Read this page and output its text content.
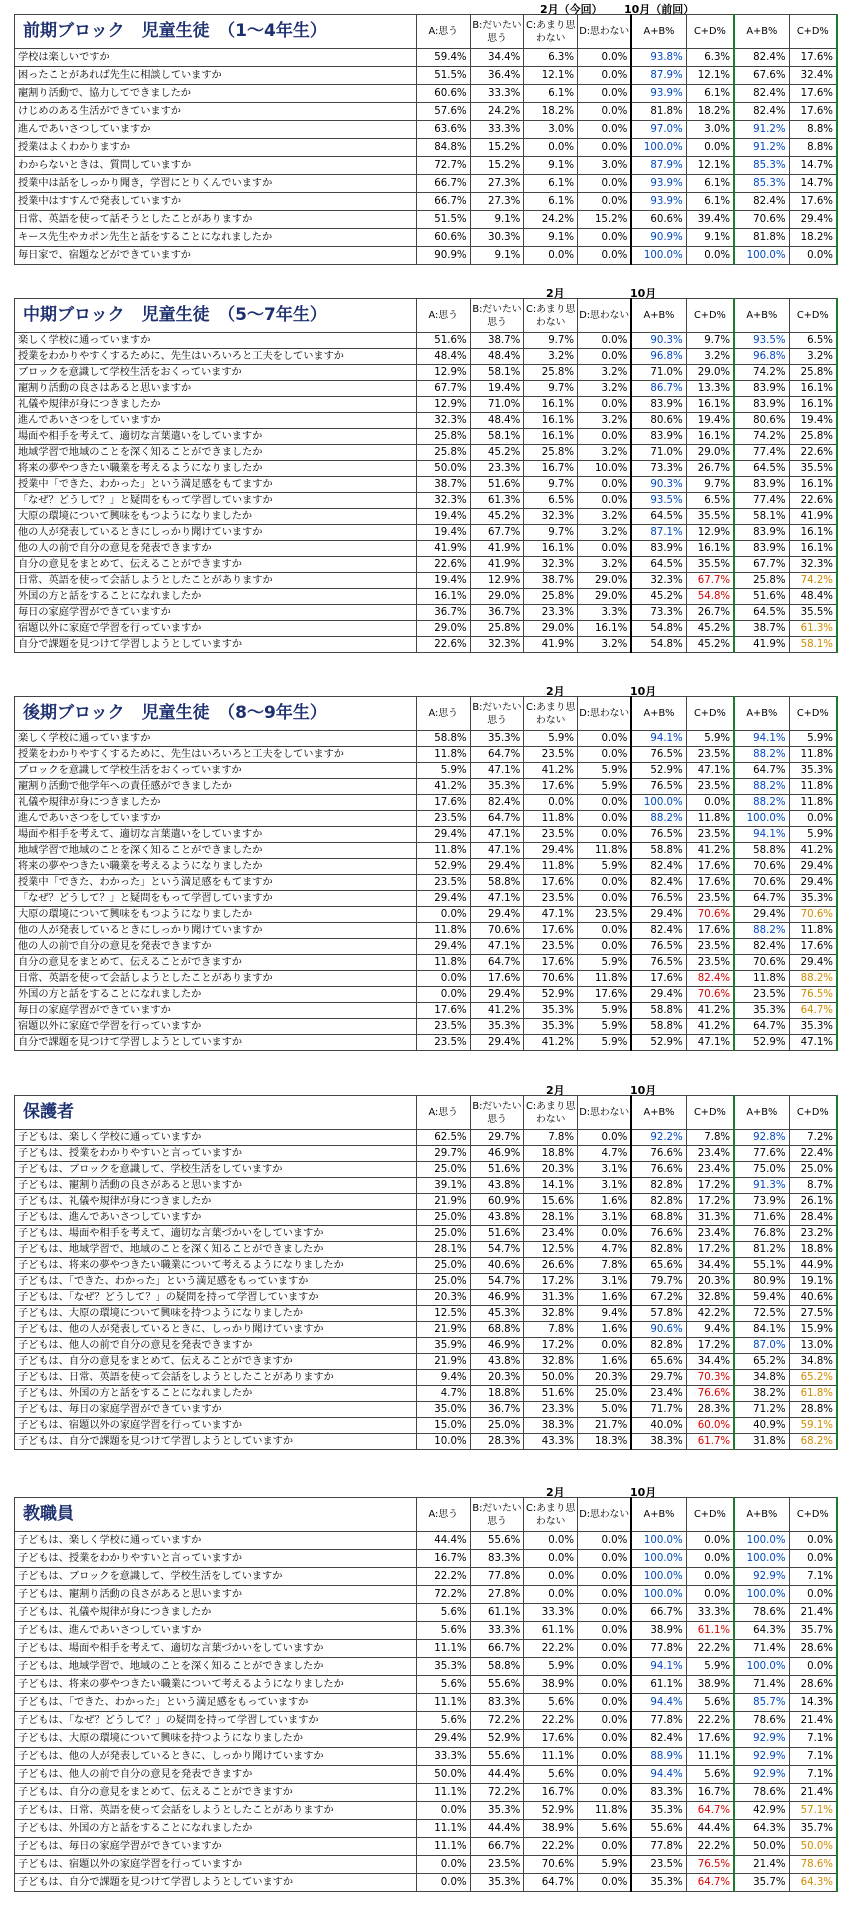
2月（今回） 10月（前回）
前期ブロック　児童生徒　（1～4年生）	A:思う	B:だいたい思う	C:あまり思わない	D:思わない	A+B%	C+D%	A+B%	C+D%
学校は楽しいですか	59.4%	34.4%	6.3%	0.0%	93.8%	6.3%	82.4%	17.6%
困ったことがあれば先生に相談していますか	51.5%	36.4%	12.1%	0.0%	87.9%	12.1%	67.6%	32.4%
寵割り活動で、協力してできましたか	60.6%	33.3%	6.1%	0.0%	93.9%	6.1%	82.4%	17.6%
けじめのある生活ができていますか	57.6%	24.2%	18.2%	0.0%	81.8%	18.2%	82.4%	17.6%
進んであいさつしていますか	63.6%	33.3%	3.0%	0.0%	97.0%	3.0%	91.2%	8.8%
授業はよくわかりますか	84.8%	15.2%	0.0%	0.0%	100.0%	0.0%	91.2%	8.8%
わからないときは、質問していますか	72.7%	15.2%	9.1%	3.0%	87.9%	12.1%	85.3%	14.7%
授業中は話をしっかり聞き，学習にとりくんでいますか	66.7%	27.3%	6.1%	0.0%	93.9%	6.1%	85.3%	14.7%
授業中はすすんで発表していますか	66.7%	27.3%	6.1%	0.0%	93.9%	6.1%	82.4%	17.6%
日常、英語を使って話そうとしたことがありますか	51.5%	9.1%	24.2%	15.2%	60.6%	39.4%	70.6%	29.4%
キース先生やカポン先生と話をすることになれましたか	60.6%	30.3%	9.1%	0.0%	90.9%	9.1%	81.8%	18.2%
毎日家で、宿題などができていますか	90.9%	9.1%	0.0%	0.0%	100.0%	0.0%	100.0%	0.0%
2月	10月
中期ブロック　児童生徒　（5～7年生）	A:思う	B:だいたい思う	C:あまり思わない	D:思わない	A+B%	C+D%	A+B%	C+D%
楽しく学校に通っていますか	51.6%	38.7%	9.7%	0.0%	90.3%	9.7%	93.5%	6.5%
授業をわかりやすくするために、先生はいろいろと工夫をしていますか	48.4%	48.4%	3.2%	0.0%	96.8%	3.2%	96.8%	3.2%
ブロックを意識して学校生活をおくっていますか	12.9%	58.1%	25.8%	3.2%	71.0%	29.0%	74.2%	25.8%
寵割り活動の良さはあると思いますか	67.7%	19.4%	9.7%	3.2%	86.7%	13.3%	83.9%	16.1%
礼儀や規律が身につきましたか	12.9%	71.0%	16.1%	0.0%	83.9%	16.1%	83.9%	16.1%
進んであいさつをしていますか	32.3%	48.4%	16.1%	3.2%	80.6%	19.4%	80.6%	19.4%
場面や相手を考えて、適切な言葉遣いをしていますか	25.8%	58.1%	16.1%	0.0%	83.9%	16.1%	74.2%	25.8%
地域学習で地域のことを深く知ることができましたか	25.8%	45.2%	25.8%	3.2%	71.0%	29.0%	77.4%	22.6%
将来の夢やつきたい職業を考えるようになりましたか	50.0%	23.3%	16.7%	10.0%	73.3%	26.7%	64.5%	35.5%
授業中「できた、わかった」という満足感をもてますか	38.7%	51.6%	9.7%	0.0%	90.3%	9.7%	83.9%	16.1%
「なぜ？どうして？」と疑問をもって学習していますか	32.3%	61.3%	6.5%	0.0%	93.5%	6.5%	77.4%	22.6%
大原の環境について興味をもつようになりましたか	19.4%	45.2%	32.3%	3.2%	64.5%	35.5%	58.1%	41.9%
他の人が発表しているときにしっかり聞けていますか	19.4%	67.7%	9.7%	3.2%	87.1%	12.9%	83.9%	16.1%
他の人の前で自分の意見を発表できますか	41.9%	41.9%	16.1%	0.0%	83.9%	16.1%	83.9%	16.1%
自分の意見をまとめて、伝えることができますか	22.6%	41.9%	32.3%	3.2%	64.5%	35.5%	67.7%	32.3%
日常、英語を使って会話しようとしたことがありますか	19.4%	12.9%	38.7%	29.0%	32.3%	67.7%	25.8%	74.2%
外国の方と話をすることになれましたか	16.1%	29.0%	25.8%	29.0%	45.2%	54.8%	51.6%	48.4%
毎日の家庭学習ができていますか	36.7%	36.7%	23.3%	3.3%	73.3%	26.7%	64.5%	35.5%
宿題以外に家庭で学習を行っていますか	29.0%	25.8%	29.0%	16.1%	54.8%	45.2%	38.7%	61.3%
自分で課題を見つけて学習しようとしていますか	22.6%	32.3%	41.9%	3.2%	54.8%	45.2%	41.9%	58.1%
2月	10月
後期ブロック　児童生徒　（8～9年生）	A:思う	B:だいたい思う	C:あまり思わない	D:思わない	A+B%	C+D%	A+B%	C+D%
楽しく学校に通っていますか	58.8%	35.3%	5.9%	0.0%	94.1%	5.9%	94.1%	5.9%
授業をわかりやすくするために、先生はいろいろと工夫をしていますか	11.8%	64.7%	23.5%	0.0%	76.5%	23.5%	88.2%	11.8%
ブロックを意識して学校生活をおくっていますか	5.9%	47.1%	41.2%	5.9%	52.9%	47.1%	64.7%	35.3%
寵割り活動で他学年への責任感ができましたか	41.2%	35.3%	17.6%	5.9%	76.5%	23.5%	88.2%	11.8%
礼儀や規律が身につきましたか	17.6%	82.4%	0.0%	0.0%	100.0%	0.0%	88.2%	11.8%
進んであいさつをしていますか	23.5%	64.7%	11.8%	0.0%	88.2%	11.8%	100.0%	0.0%
場面や相手を考えて、適切な言葉遣いをしていますか	29.4%	47.1%	23.5%	0.0%	76.5%	23.5%	94.1%	5.9%
地域学習で地域のことを深く知ることができましたか	11.8%	47.1%	29.4%	11.8%	58.8%	41.2%	58.8%	41.2%
将来の夢やつきたい職業を考えるようになりましたか	52.9%	29.4%	11.8%	5.9%	82.4%	17.6%	70.6%	29.4%
授業中「できた、わかった」という満足感をもてますか	23.5%	58.8%	17.6%	0.0%	82.4%	17.6%	70.6%	29.4%
「なぜ？どうして？」と疑問をもって学習していますか	29.4%	47.1%	23.5%	0.0%	76.5%	23.5%	64.7%	35.3%
大原の環境について興味をもつようになりましたか	0.0%	29.4%	47.1%	23.5%	29.4%	70.6%	29.4%	70.6%
他の人が発表しているときにしっかり聞けていますか	11.8%	70.6%	17.6%	0.0%	82.4%	17.6%	88.2%	11.8%
他の人の前で自分の意見を発表できますか	29.4%	47.1%	23.5%	0.0%	76.5%	23.5%	82.4%	17.6%
自分の意見をまとめて、伝えることができますか	11.8%	64.7%	17.6%	5.9%	76.5%	23.5%	70.6%	29.4%
日常、英語を使って会話しようとしたことがありますか	0.0%	17.6%	70.6%	11.8%	17.6%	82.4%	11.8%	88.2%
外国の方と話をすることになれましたか	0.0%	29.4%	52.9%	17.6%	29.4%	70.6%	23.5%	76.5%
毎日の家庭学習ができていますか	17.6%	41.2%	35.3%	5.9%	58.8%	41.2%	35.3%	64.7%
宿題以外に家庭で学習を行っていますか	23.5%	35.3%	35.3%	5.9%	58.8%	41.2%	64.7%	35.3%
自分で課題を見つけて学習しようとしていますか	23.5%	29.4%	41.2%	5.9%	52.9%	47.1%	52.9%	47.1%
2月	10月
保護者	A:思う	B:だいたい思う	C:あまり思わない	D:思わない	A+B%	C+D%	A+B%	C+D%
子どもは、楽しく学校に通っていますか	62.5%	29.7%	7.8%	0.0%	92.2%	7.8%	92.8%	7.2%
子どもは、授業をわかりやすいと言っていますか	29.7%	46.9%	18.8%	4.7%	76.6%	23.4%	77.6%	22.4%
子どもは、ブロックを意識して、学校生活をしていますか	25.0%	51.6%	20.3%	3.1%	76.6%	23.4%	75.0%	25.0%
子どもは、寵割り活動の良さがあると思いますか	39.1%	43.8%	14.1%	3.1%	82.8%	17.2%	91.3%	8.7%
子どもは、礼儀や規律が身につきましたか	21.9%	60.9%	15.6%	1.6%	82.8%	17.2%	73.9%	26.1%
子どもは、進んであいさつしていますか	25.0%	43.8%	28.1%	3.1%	68.8%	31.3%	71.6%	28.4%
子どもは、場面や相手を考えて、適切な言葉づかいをしていますか	25.0%	51.6%	23.4%	0.0%	76.6%	23.4%	76.8%	23.2%
子どもは、地域学習で、地域のことを深く知ることができましたか	28.1%	54.7%	12.5%	4.7%	82.8%	17.2%	81.2%	18.8%
子どもは、将来の夢やつきたい職業について考えるようになりましたか	25.0%	40.6%	26.6%	7.8%	65.6%	34.4%	55.1%	44.9%
子どもは、「できた、わかった」という満足感をもっていますか	25.0%	54.7%	17.2%	3.1%	79.7%	20.3%	80.9%	19.1%
子どもは、「なぜ？どうして？」の疑問を持って学習していますか	20.3%	46.9%	31.3%	1.6%	67.2%	32.8%	59.4%	40.6%
子どもは、大原の環境について興味を持つようになりましたか	12.5%	45.3%	32.8%	9.4%	57.8%	42.2%	72.5%	27.5%
子どもは、他の人が発表しているときに、しっかり聞けていますか	21.9%	68.8%	7.8%	1.6%	90.6%	9.4%	84.1%	15.9%
子どもは、他人の前で自分の意見を発表できますか	35.9%	46.9%	17.2%	0.0%	82.8%	17.2%	87.0%	13.0%
子どもは、自分の意見をまとめて、伝えることができますか	21.9%	43.8%	32.8%	1.6%	65.6%	34.4%	65.2%	34.8%
子どもは、日常、英語を使って会話をしようとしたことがありますか	9.4%	20.3%	50.0%	20.3%	29.7%	70.3%	34.8%	65.2%
子どもは、外国の方と話をすることになれましたか	4.7%	18.8%	51.6%	25.0%	23.4%	76.6%	38.2%	61.8%
子どもは、毎日の家庭学習ができていますか	35.0%	36.7%	23.3%	5.0%	71.7%	28.3%	71.2%	28.8%
子どもは、宿題以外の家庭学習を行っていますか	15.0%	25.0%	38.3%	21.7%	40.0%	60.0%	40.9%	59.1%
子どもは、自分で課題を見つけて学習しようとしていますか	10.0%	28.3%	43.3%	18.3%	38.3%	61.7%	31.8%	68.2%
2月	10月
教職員	A:思う	B:だいたい思う	C:あまり思わない	D:思わない	A+B%	C+D%	A+B%	C+D%
子どもは、楽しく学校に通っていますか	44.4%	55.6%	0.0%	0.0%	100.0%	0.0%	100.0%	0.0%
子どもは、授業をわかりやすいと言っていますか	16.7%	83.3%	0.0%	0.0%	100.0%	0.0%	100.0%	0.0%
子どもは、ブロックを意識して、学校生活をしていますか	22.2%	77.8%	0.0%	0.0%	100.0%	0.0%	92.9%	7.1%
子どもは、寵割り活動の良さがあると思いますか	72.2%	27.8%	0.0%	0.0%	100.0%	0.0%	100.0%	0.0%
子どもは、礼儀や規律が身につきましたか	5.6%	61.1%	33.3%	0.0%	66.7%	33.3%	78.6%	21.4%
子どもは、進んであいさつしていますか	5.6%	33.3%	61.1%	0.0%	38.9%	61.1%	64.3%	35.7%
子どもは、場面や相手を考えて、適切な言葉づかいをしていますか	11.1%	66.7%	22.2%	0.0%	77.8%	22.2%	71.4%	28.6%
子どもは、地域学習で、地域のことを深く知ることができましたか	35.3%	58.8%	5.9%	0.0%	94.1%	5.9%	100.0%	0.0%
子どもは、将来の夢やつきたい職業について考えるようになりましたか	5.6%	55.6%	38.9%	0.0%	61.1%	38.9%	71.4%	28.6%
子どもは、「できた、わかった」という満足感をもっていますか	11.1%	83.3%	5.6%	0.0%	94.4%	5.6%	85.7%	14.3%
子どもは、「なぜ？どうして？」の疑問を持って学習していますか	5.6%	72.2%	22.2%	0.0%	77.8%	22.2%	78.6%	21.4%
子どもは、大原の環境について興味を持つようになりましたか	29.4%	52.9%	17.6%	0.0%	82.4%	17.6%	92.9%	7.1%
子どもは、他の人が発表しているときに、しっかり聞けていますか	33.3%	55.6%	11.1%	0.0%	88.9%	11.1%	92.9%	7.1%
子どもは、他人の前で自分の意見を発表できますか	50.0%	44.4%	5.6%	0.0%	94.4%	5.6%	92.9%	7.1%
子どもは、自分の意見をまとめて、伝えることができますか	11.1%	72.2%	16.7%	0.0%	83.3%	16.7%	78.6%	21.4%
子どもは、日常、英語を使って会話をしようとしたことがありますか	0.0%	35.3%	52.9%	11.8%	35.3%	64.7%	42.9%	57.1%
子どもは、外国の方と話をすることになれましたか	11.1%	44.4%	38.9%	5.6%	55.6%	44.4%	64.3%	35.7%
子どもは、毎日の家庭学習ができていますか	11.1%	66.7%	22.2%	0.0%	77.8%	22.2%	50.0%	50.0%
子どもは、宿題以外の家庭学習を行っていますか	0.0%	23.5%	70.6%	5.9%	23.5%	76.5%	21.4%	78.6%
子どもは、自分で課題を見つけて学習しようとしていますか	0.0%	35.3%	64.7%	0.0%	35.3%	64.7%	35.7%	64.3%
